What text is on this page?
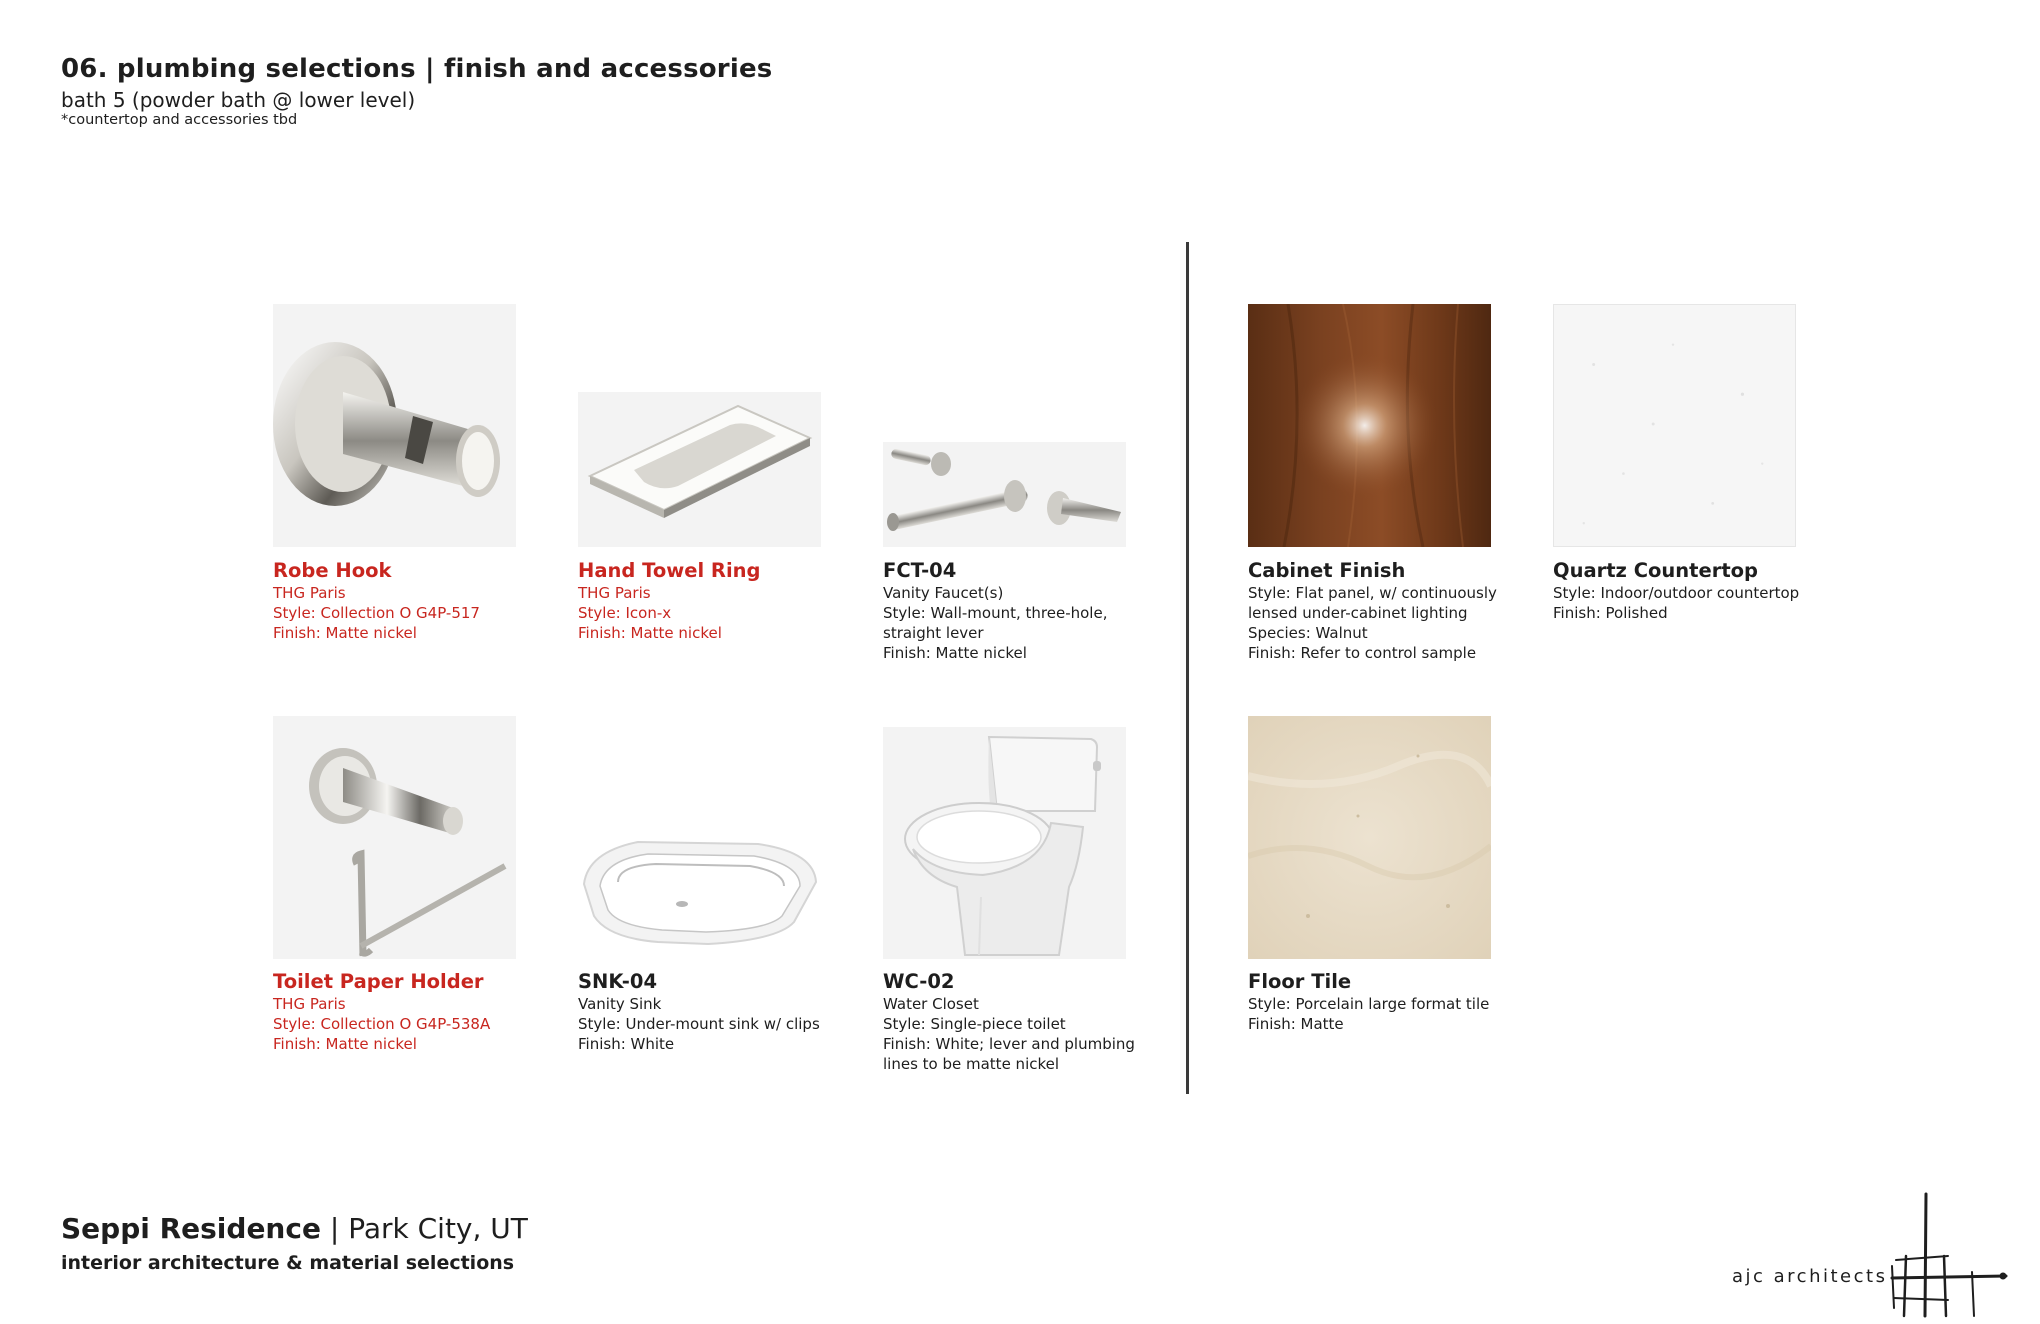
06. plumbing selections | finish and accessories
bath 5 (powder bath @ lower level)
*countertop and accessories tbd
Robe Hook
THG Paris
Style: Collection O G4P-517
Finish: Matte nickel
Hand Towel Ring
THG Paris
Style: Icon-x
Finish: Matte nickel
FCT-04
Vanity Faucet(s)
Style: Wall-mount, three-hole,
straight lever
Finish: Matte nickel
Cabinet Finish
Style: Flat panel, w/ continuously
lensed under-cabinet lighting
Species: Walnut
Finish: Refer to control sample
Quartz Countertop
Style: Indoor/outdoor countertop
Finish: Polished
Toilet Paper Holder
THG Paris
Style: Collection O G4P-538A
Finish: Matte nickel
SNK-04
Vanity Sink
Style: Under-mount sink w/ clips
Finish: White
WC-02
Water Closet
Style: Single-piece toilet
Finish: White; lever and plumbing
lines to be matte nickel
Floor Tile
Style: Porcelain large format tile
Finish: Matte
Seppi Residence | Park City, UT
interior architecture & material selections
ajc architects
